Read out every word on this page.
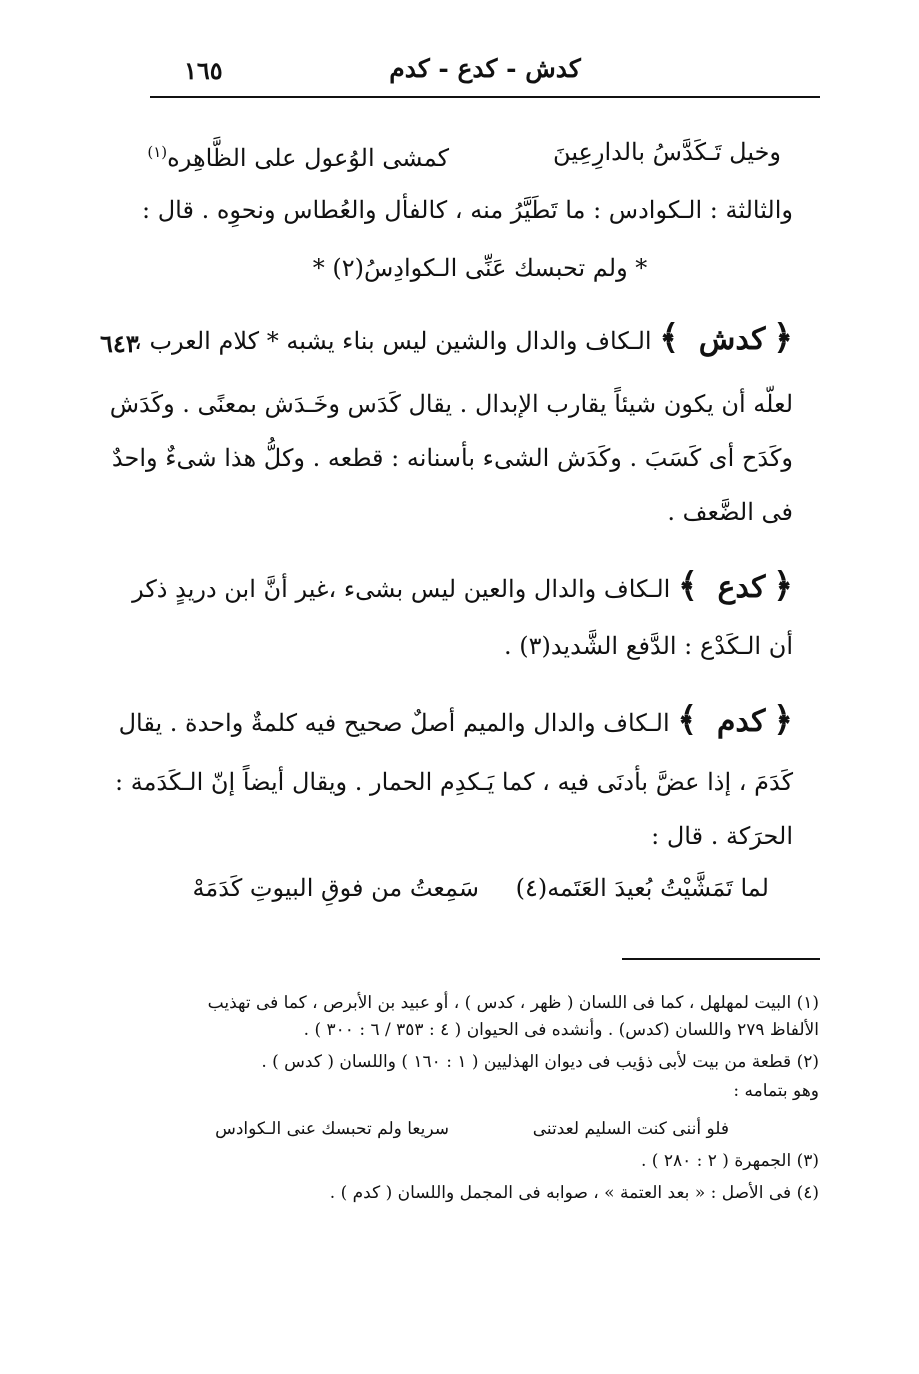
كدش - كدع - كدم
١٦٥
وخيل تَـكَدَّسُ بالدارِعِينَ
كمشى الوُعول على الظَّاهِره$^{(١)}$
والثالثة : الـكوادس : ما تَطَيَّرُ منه ، كالفأل والعُطاس ونحوِه . قال :
* ولم تحبسك عَنِّى الـكوادِسُ(٢) *
﴿ كدش ﴾ الـكاف والدال والشين ليس بناء يشبه * كلام العرب ،
٦٤٣
لعلّه أن يكون شيئاً يقارب الإبدال . يقال كَدَس وخَـدَش بمعنًى . وكَدَش
وكَدَح أى كَسَبَ . وكَدَش الشىء بأسنانه : قطعه . وكلُّ هذا شىءٌ واحدٌ
فى الضَّعف .
﴿ كدع ﴾ الـكاف والدال والعين ليس بشىء ،غير أنَّ ابن دريدٍ ذكر
أن الـكَدْع : الدَّفع الشَّديد(٣) .
﴿ كدم ﴾ الـكاف والدال والميم أصلٌ صحيح فيه كلمةٌ واحدة . يقال
كَدَمَ ، إذا عضَّ بأدنَى فيه ، كما يَـكدِم الحمار . ويقال أيضاً إنّ الـكَدَمة :
الحرَكة . قال :
لما تَمَشَّيْتُ بُعيدَ العَتَمه(٤)
سَمِعتُ من فوقِ البيوتِ كَدَمَهْ
(١) البيت لمهلهل ، كما فى اللسان ( ظهر ، كدس ) ، أو عبيد بن الأبرص ، كما فى تهذيب
الألفاظ ٢٧٩ واللسان (كدس) . وأنشده فى الحيوان ( ٤ : ٣٥٣ / ٦ : ٣٠٠ ) .
(٢) قطعة من بيت لأبى ذؤيب فى ديوان الهذليين ( ١ : ١٦٠ ) واللسان ( كدس ) .
وهو بتمامه :
فلو أننى كنت السليم لعدتنى
سريعا ولم تحبسك عنى الـكوادس
(٣) الجمهرة ( ٢ : ٢٨٠ ) .
(٤) فى الأصل : « بعد العتمة » ، صوابه فى المجمل واللسان ( كدم ) .
